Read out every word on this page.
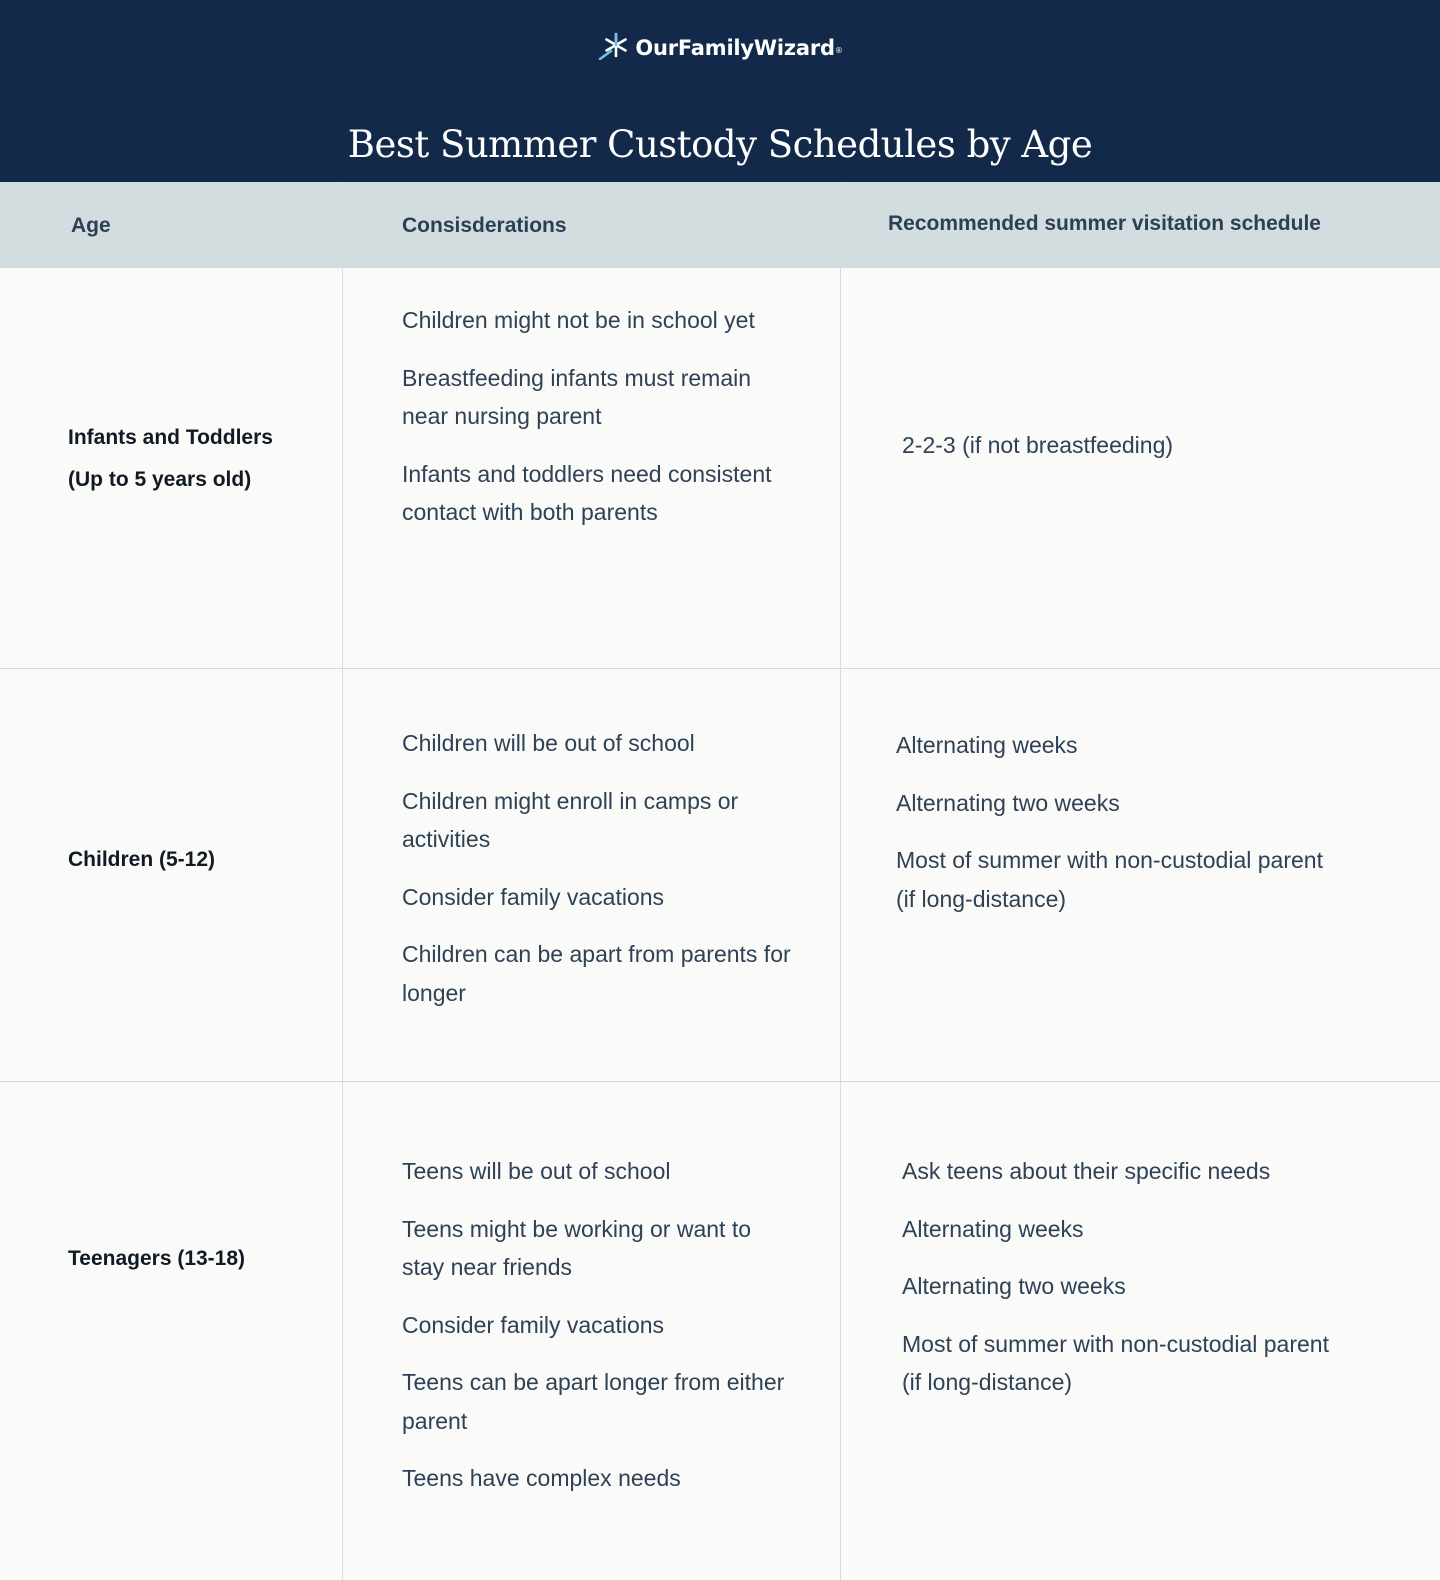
OurFamilyWizard®
Best Summer Custody Schedules by Age
Age	Consisderations	Recommended summer visitation schedule
Infants and Toddlers
(Up to 5 years old)
Children might not be in school yet
Breastfeeding infants must remain near nursing parent
Infants and toddlers need consistent contact with both parents
2-2-3 (if not breastfeeding)
Children (5-12)
Children will be out of school
Children might enroll in camps or activities
Consider family vacations
Children can be apart from parents for longer
Alternating weeks
Alternating two weeks
Most of summer with non-custodial parent (if long-distance)
Teenagers (13-18)
Teens will be out of school
Teens might be working or want to stay near friends
Consider family vacations
Teens can be apart longer from either parent
Teens have complex needs
Ask teens about their specific needs
Alternating weeks
Alternating two weeks
Most of summer with non-custodial parent (if long-distance)
